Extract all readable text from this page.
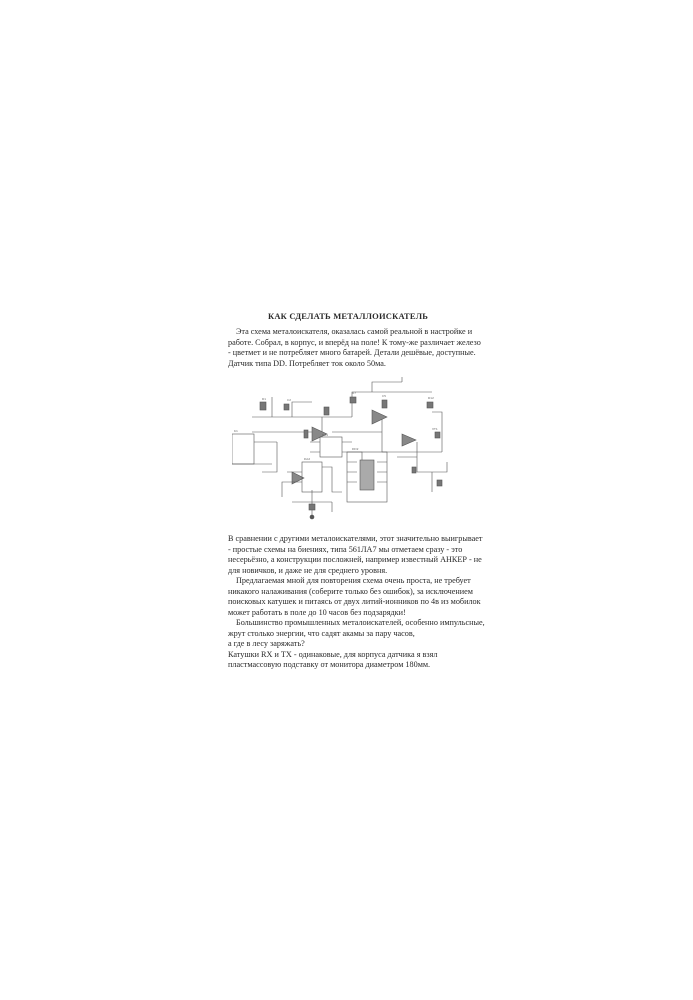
КАК СДЕЛАТЬ МЕТАЛЛОИСКАТЕЛЬ

Эта схема металоискателя, оказалась самой реальной в настройке и
работе. Собрал, в корпус, и вперёд на поле! К тому-же различает железо
- цветмет и не потребляет много батарей. Детали дешёвые, доступные.
Датчик типа DD. Потребляет ток около 50ма.

R1	C2
R7
C5	R12
DA1
DD2
DA2
VT1
K1

В сравнении с другими металоискателями, этот значительно выигрывает
- простые схемы на биениях, типа 561ЛА7 мы отметаем сразу - это
несерьёзно, а конструкции посложней, например известный АНКЕР - не
для новичков, и даже не для среднего уровня.

Предлагаемая мной для повторения схема очень проста, не требует
никакого налаживания (соберите только без ошибок), за исключением
поисковых катушек и питаясь от двух литий-ионников по 4в из мобилок
может работать в поле до 10 часов без подзарядки!

Большинство промышленных металоискателей, особенно импульсные,
жрут столько энергии, что садят акамы за пару часов,
а где в лесу заряжать?
Катушки RX и TX - одинаковые, для корпуса датчика я взял
пластмассовую подставку от монитора диаметром 180мм.
